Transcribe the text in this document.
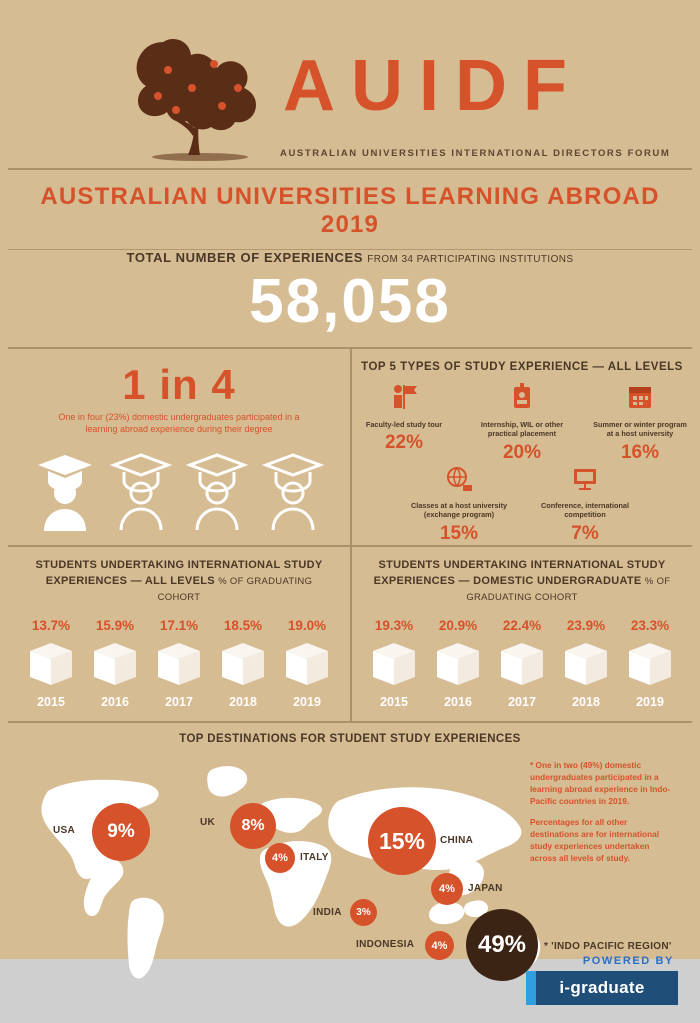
AUIDF
AUSTRALIAN UNIVERSITIES INTERNATIONAL DIRECTORS FORUM
AUSTRALIAN UNIVERSITIES LEARNING ABROAD 2019
TOTAL NUMBER OF EXPERIENCES FROM 34 PARTICIPATING INSTITUTIONS
58,058
1 in 4
One in four (23%) domestic undergraduates participated in a learning abroad experience during their degree
TOP 5 TYPES OF STUDY EXPERIENCE — ALL LEVELS
Faculty-led study tour
22%
Internship, WIL or other practical placement
20%
Summer or winter program at a host university
16%
Classes at a host university (exchange program)
15%
Conference, international competition
7%
STUDENTS UNDERTAKING INTERNATIONAL STUDY EXPERIENCES — ALL LEVELS % OF GRADUATING COHORT
13.7%	15.9%	17.1%	18.5%	19.0%
2015	2016	2017	2018	2019
STUDENTS UNDERTAKING INTERNATIONAL STUDY EXPERIENCES — DOMESTIC UNDERGRADUATE % OF GRADUATING COHORT
19.3%	20.9%	22.4%	23.9%	23.3%
2015	2016	2017	2018	2019
TOP DESTINATIONS FOR STUDENT STUDY EXPERIENCES
9%
USA	8%
UK
4% ITALY
15% CHINA
4% JAPAN
3%
INDIA
4%
INDONESIA	49% * 'INDO PACIFIC REGION'

* One in two (49%) domestic undergraduates participated in a learning abroad experience in Indo-Pacific countries in 2019.

Percentages for all other destinations are for international study experiences undertaken across all levels of study.

POWERED BY
i-graduate
